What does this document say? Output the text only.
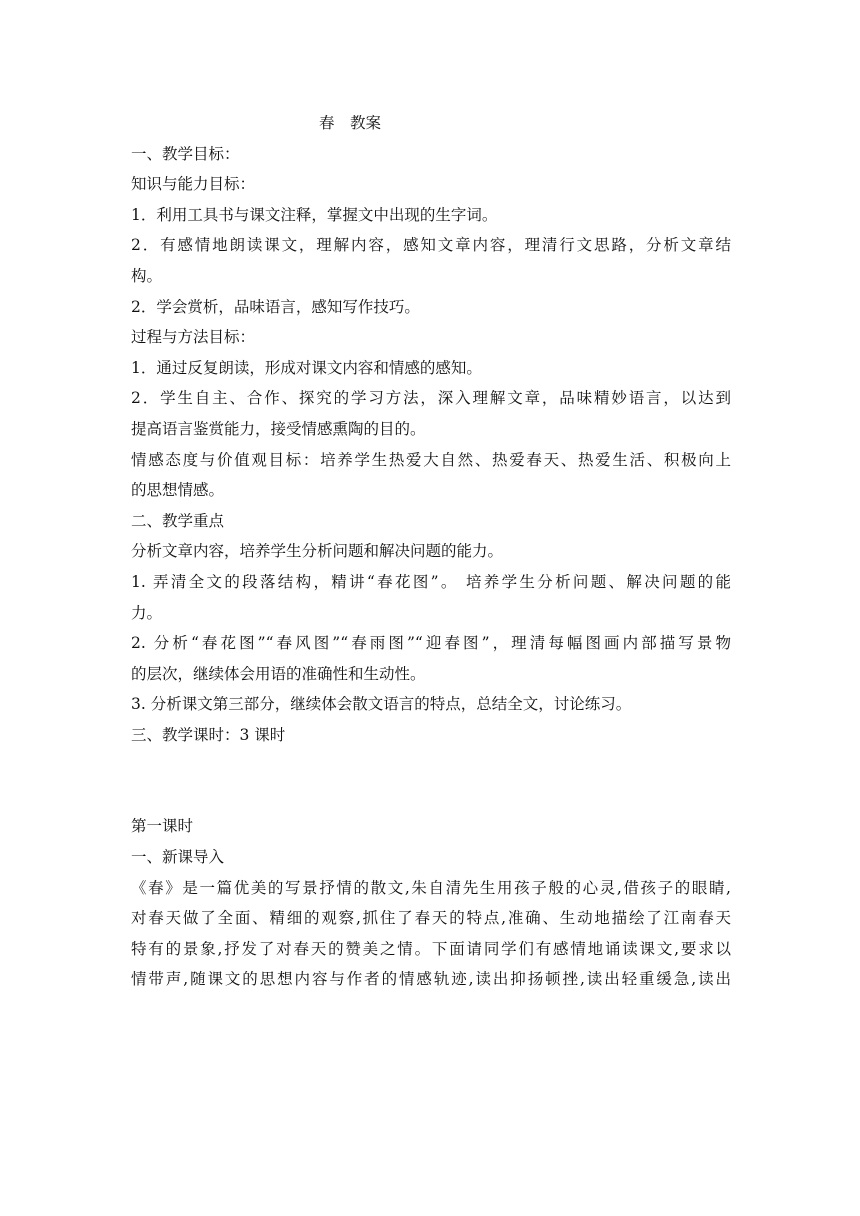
春　教案

一、教学目标：

知识与能力目标：

1．利用工具书与课文注释，掌握文中出现的生字词。

2．有感情地朗读课文，理解内容，感知文章内容，理清行文思路，分析文章结

构。

2．学会赏析，品味语言，感知写作技巧。

过程与方法目标：

1．通过反复朗读，形成对课文内容和情感的感知。

2．学生自主、合作、探究的学习方法，深入理解文章，品味精妙语言，以达到

提高语言鉴赏能力，接受情感熏陶的目的。

情感态度与价值观目标：培养学生热爱大自然、热爱春天、热爱生活、积极向上

的思想情感。

二、教学重点

分析文章内容，培养学生分析问题和解决问题的能力。

1. 弄清全文的段落结构，精讲“春花图”。 培养学生分析问题、解决问题的能

力。

2. 分析“春花图”“春风图”“春雨图”“迎春图”，理清每幅图画内部描写景物

的层次，继续体会用语的准确性和生动性。

3. 分析课文第三部分，继续体会散文语言的特点，总结全文，讨论练习。

三、教学课时：3 课时

第一课时

一、新课导入

《春》是一篇优美的写景抒情的散文,朱自清先生用孩子般的心灵,借孩子的眼睛,

对春天做了全面、精细的观察,抓住了春天的特点,准确、生动地描绘了江南春天

特有的景象,抒发了对春天的赞美之情。下面请同学们有感情地诵读课文,要求以

情带声,随课文的思想内容与作者的情感轨迹,读出抑扬顿挫,读出轻重缓急,读出
